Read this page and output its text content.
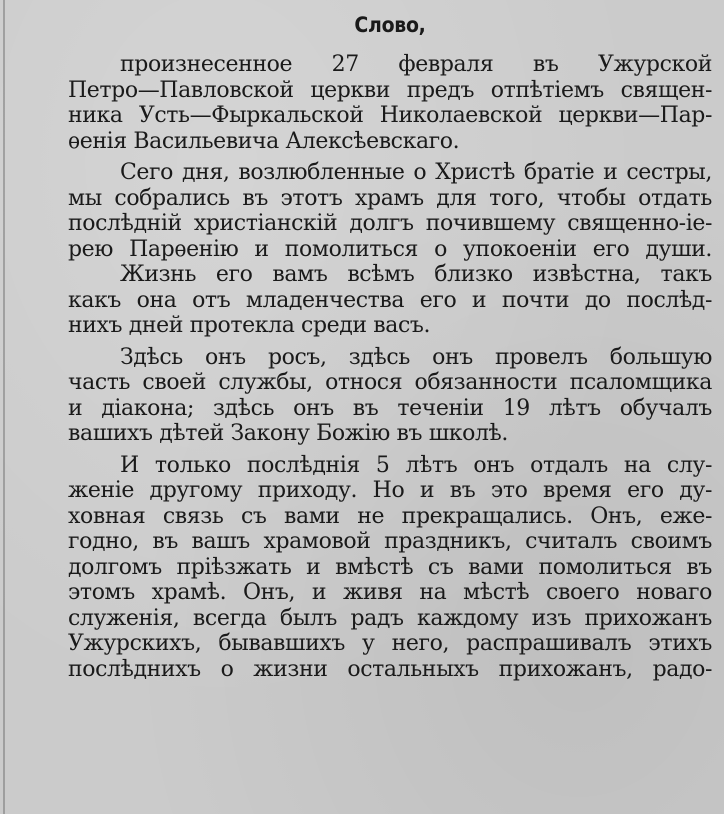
Слово,
произнесенное 27 февраля въ Ужурской
Петро—Павловской церкви предъ отпѣтіемъ священ-
ника Усть—Фыркальской Николаевской церкви—Пар-
ѳенія Васильевича Алексѣевскаго.
Сего дня, возлюбленные о Христѣ братіе и сестры,
мы собрались въ этотъ храмъ для того, чтобы отдать
послѣдній христіанскій долгъ почившему священно-іе-
рею Парѳенію и помолиться о упокоеніи его души.
Жизнь его вамъ всѣмъ близко извѣстна, такъ
какъ она отъ младенчества его и почти до послѣд-
нихъ дней протекла среди васъ.
Здѣсь онъ росъ, здѣсь онъ провелъ большую
часть своей службы, относя обязанности псаломщика
и діакона; здѣсь онъ въ теченіи 19 лѣтъ обучалъ
вашихъ дѣтей Закону Божію въ школѣ.
И только послѣднія 5 лѣтъ онъ отдалъ на слу-
женіе другому приходу. Но и въ это время его ду-
ховная связь съ вами не прекращались. Онъ, еже-
годно, въ вашъ храмовой праздникъ, считалъ своимъ
долгомъ пріѣзжать и вмѣстѣ съ вами помолиться въ
этомъ храмѣ. Онъ, и живя на мѣстѣ своего новаго
служенія, всегда былъ радъ каждому изъ прихожанъ
Ужурскихъ, бывавшихъ у него, распрашивалъ этихъ
послѣднихъ о жизни остальныхъ прихожанъ, радо-
